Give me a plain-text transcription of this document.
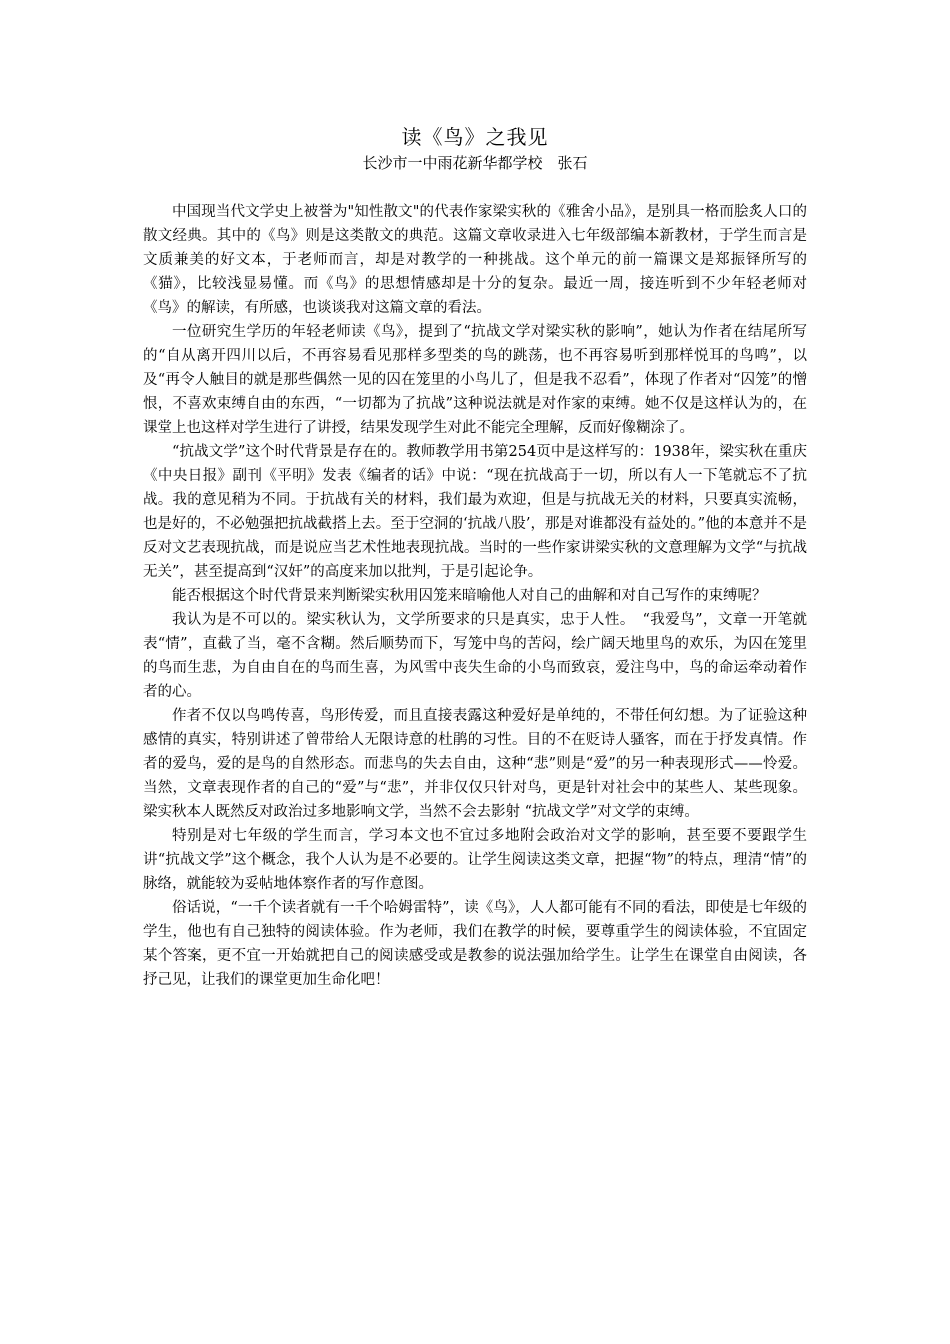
读《鸟》之我见
长沙市一中雨花新华都学校　张石

中国现当代文学史上被誉为"知性散文"的代表作家梁实秋的《雅舍小品》，是别具一格而脍炙人口的散文经典。其中的《鸟》则是这类散文的典范。这篇文章收录进入七年级部编本新教材，于学生而言是文质兼美的好文本，于老师而言，却是对教学的一种挑战。这个单元的前一篇课文是郑振铎所写的《猫》，比较浅显易懂。而《鸟》的思想情感却是十分的复杂。最近一周，接连听到不少年轻老师对《鸟》的解读，有所感，也谈谈我对这篇文章的看法。

一位研究生学历的年轻老师读《鸟》，提到了“抗战文学对梁实秋的影响”，她认为作者在结尾所写的“自从离开四川以后，不再容易看见那样多型类的鸟的跳荡，也不再容易听到那样悦耳的鸟鸣”，以及“再令人触目的就是那些偶然一见的囚在笼里的小鸟儿了，但是我不忍看”，体现了作者对“囚笼”的憎恨，不喜欢束缚自由的东西，“一切都为了抗战”这种说法就是对作家的束缚。她不仅是这样认为的，在课堂上也这样对学生进行了讲授，结果发现学生对此不能完全理解，反而好像糊涂了。

“抗战文学”这个时代背景是存在的。教师教学用书第254页中是这样写的：1938年，梁实秋在重庆《中央日报》副刊《平明》发表《编者的话》中说：“现在抗战高于一切，所以有人一下笔就忘不了抗战。我的意见稍为不同。于抗战有关的材料，我们最为欢迎，但是与抗战无关的材料，只要真实流畅，也是好的，不必勉强把抗战截搭上去。至于空洞的‘抗战八股’，那是对谁都没有益处的。”他的本意并不是反对文艺表现抗战，而是说应当艺术性地表现抗战。当时的一些作家讲梁实秋的文意理解为文学“与抗战无关”，甚至提高到“汉奸”的高度来加以批判，于是引起论争。

能否根据这个时代背景来判断梁实秋用囚笼来暗喻他人对自己的曲解和对自己写作的束缚呢？

我认为是不可以的。梁实秋认为，文学所要求的只是真实，忠于人性。　“我爱鸟”，文章一开笔就表“情”，直截了当，毫不含糊。然后顺势而下，写笼中鸟的苦闷，绘广阔天地里鸟的欢乐，为囚在笼里的鸟而生悲，为自由自在的鸟而生喜，为风雪中丧失生命的小鸟而致哀，爱注鸟中，鸟的命运牵动着作者的心。

作者不仅以鸟鸣传喜，鸟形传爱，而且直接表露这种爱好是单纯的，不带任何幻想。为了证验这种感情的真实，特别讲述了曾带给人无限诗意的杜鹃的习性。目的不在贬诗人骚客，而在于抒发真情。作者的爱鸟，爱的是鸟的自然形态。而悲鸟的失去自由，这种“悲”则是“爱”的另一种表现形式——怜爱。当然，文章表现作者的自己的“爱”与“悲”，并非仅仅只针对鸟，更是针对社会中的某些人、某些现象。梁实秋本人既然反对政治过多地影响文学，当然不会去影射 “抗战文学”对文学的束缚。

特别是对七年级的学生而言，学习本文也不宜过多地附会政治对文学的影响，甚至要不要跟学生讲“抗战文学”这个概念，我个人认为是不必要的。让学生阅读这类文章，把握“物”的特点，理清“情”的脉络，就能较为妥帖地体察作者的写作意图。

俗话说，“一千个读者就有一千个哈姆雷特”，读《鸟》，人人都可能有不同的看法，即使是七年级的学生，他也有自己独特的阅读体验。作为老师，我们在教学的时候，要尊重学生的阅读体验，不宜固定某个答案，更不宜一开始就把自己的阅读感受或是教参的说法强加给学生。让学生在课堂自由阅读，各抒己见，让我们的课堂更加生命化吧！
